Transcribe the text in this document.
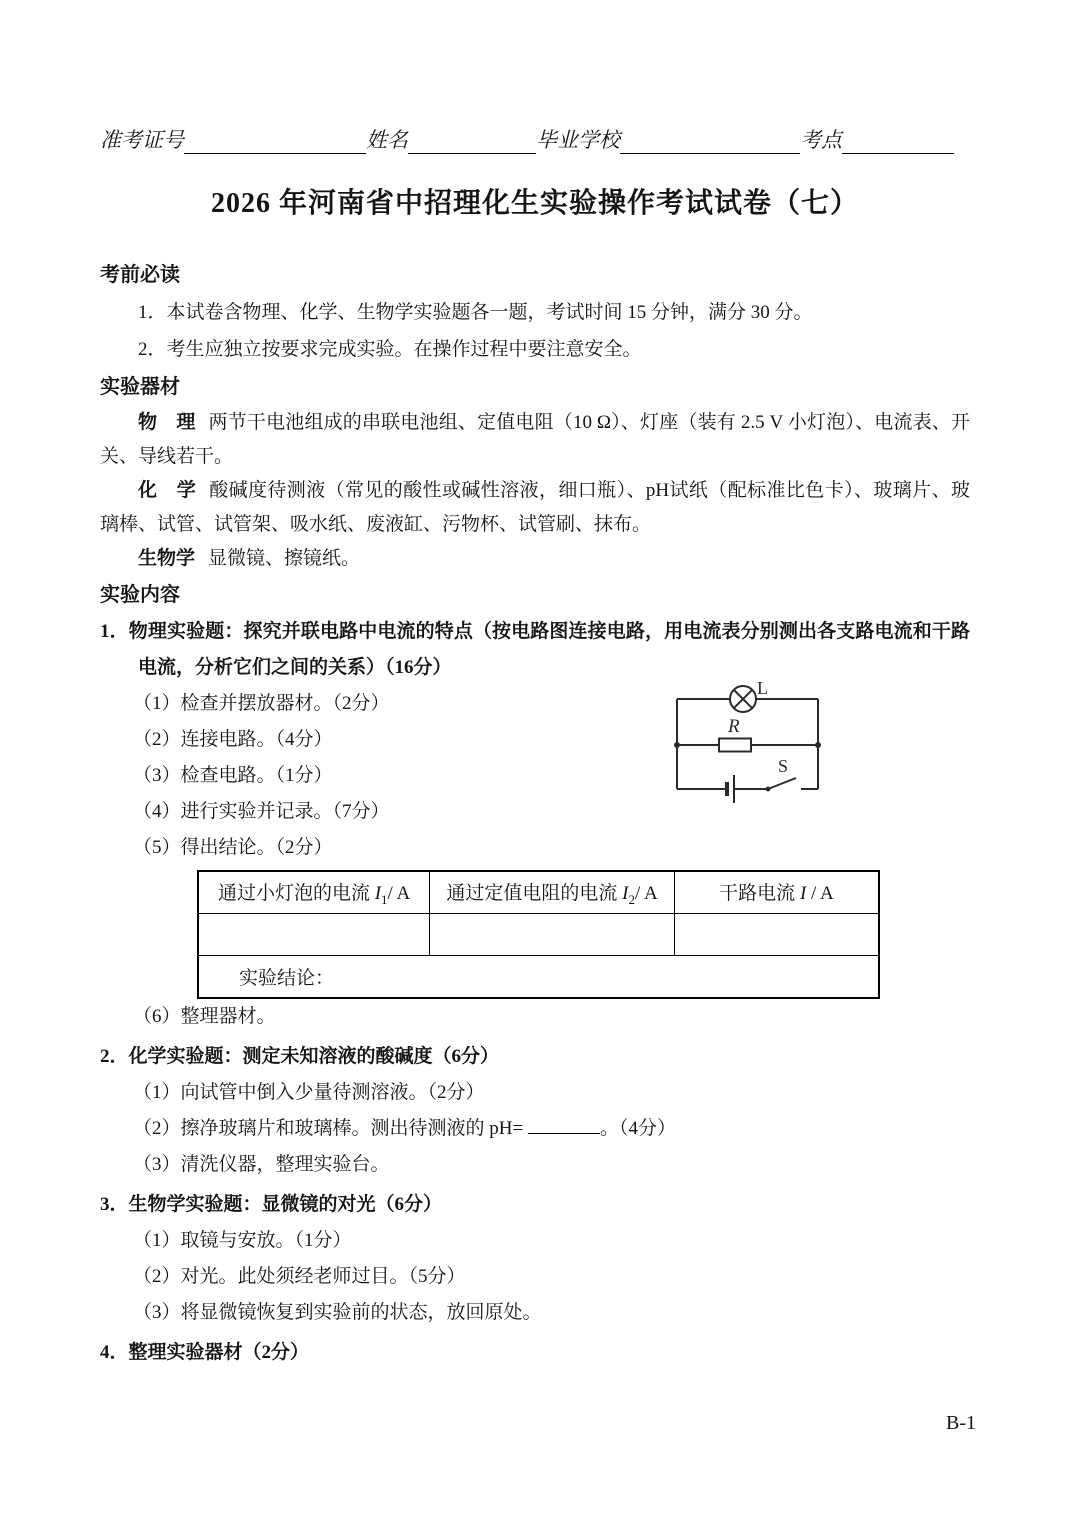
准考证号	姓名	毕业学校	考点
2026 年河南省中招理化生实验操作考试试卷（七）
考前必读
1．本试卷含物理、化学、生物学实验题各一题，考试时间 15 分钟，满分 30 分。
2．考生应独立按要求完成实验。在操作过程中要注意安全。
实验器材

物　理 两节干电池组成的串联电池组、定值电阻（10 Ω）、灯座（装有 2.5 V 小灯泡）、电流表、开关、导线若干。

化　学 酸碱度待测液（常见的酸性或碱性溶液，细口瓶）、pH试纸（配标准比色卡）、玻璃片、玻璃棒、试管、试管架、吸水纸、废液缸、污物杯、试管刷、抹布。

生物学 显微镜、擦镜纸。

实验内容
1．物理实验题：探究并联电路中电流的特点（按电路图连接电路，用电流表分别测出各支路电流和干路电流，分析它们之间的关系）（16分）
（1）检查并摆放器材。（2分）
（2）连接电路。（4分）
（3）检查电路。（1分）
（4）进行实验并记录。（7分）
（5）得出结论。（2分）
通过小灯泡的电流 $I_1/$ A	通过定值电阻的电流 $I_2/$ A	干路电流 I / A

实验结论：		
（6）整理器材。
2．化学实验题：测定未知溶液的酸碱度（6分）
（1）向试管中倒入少量待测溶液。（2分）
（2）擦净玻璃片和玻璃棒。测出待测液的 pH=	。（4分）
（3）清洗仪器，整理实验台。
3．生物学实验题：显微镜的对光（6分）
（1）取镜与安放。（1分）
（2）对光。此处须经老师过目。（5分）
（3）将显微镜恢复到实验前的状态，放回原处。
4．整理实验器材（2分）
L
R
S
B-1
